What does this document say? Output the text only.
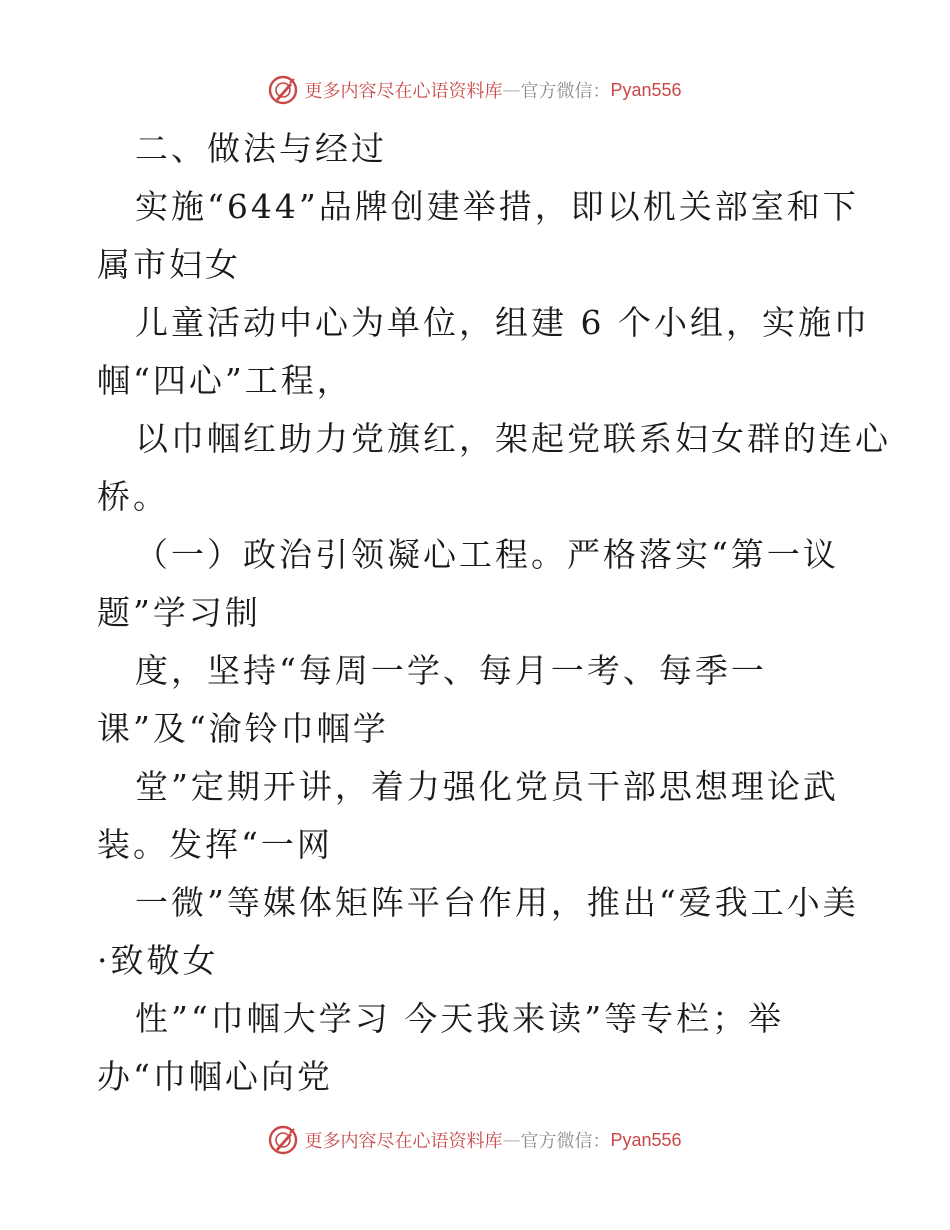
更多内容尽在心语资料库 — 官方微信： Pyan556
二、做法与经过
实施“644”品牌创建举措，即以机关部室和下
属市妇女
儿童活动中心为单位，组建 6 个小组，实施巾
帼“四心”工程，
以巾帼红助力党旗红，架起党联系妇女群的连心
桥。
（一）政治引领凝心工程。严格落实“第一议
题”学习制
度，坚持“每周一学、每月一考、每季一
课”及“渝铃巾帼学
堂”定期开讲，着力强化党员干部思想理论武
装。发挥“一网
一微”等媒体矩阵平台作用，推出“爱我工小美
·致敬女
性”“巾帼大学习 今天我来读”等专栏；举
办“巾帼心向党
更多内容尽在心语资料库 — 官方微信： Pyan556
